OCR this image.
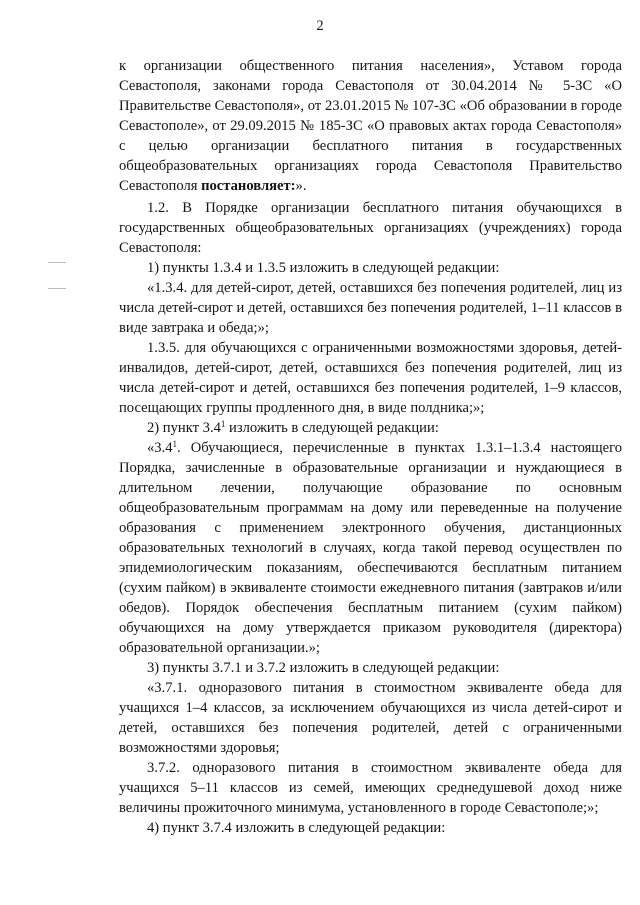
2

к организации общественного питания населения», Уставом города Севастополя, законами города Севастополя от 30.04.2014 № 5-ЗС «О Правительстве Севастополя», от 23.01.2015 № 107-ЗС «Об образовании в городе Севастополе», от 29.09.2015 № 185-ЗС «О правовых актах города Севастополя» с целью организации бесплатного питания в государственных общеобразовательных организациях города Севастополя Правительство Севастополя постановляет:».

1.2. В Порядке организации бесплатного питания обучающихся в государственных общеобразовательных организациях (учреждениях) города Севастополя:

1) пункты 1.3.4 и 1.3.5 изложить в следующей редакции:

«1.3.4. для детей-сирот, детей, оставшихся без попечения родителей, лиц из числа детей-сирот и детей, оставшихся без попечения родителей, 1–11 классов в виде завтрака и обеда;»;

1.3.5. для обучающихся с ограниченными возможностями здоровья, детей-инвалидов, детей-сирот, детей, оставшихся без попечения родителей, лиц из числа детей-сирот и детей, оставшихся без попечения родителей, 1–9 классов, посещающих группы продленного дня, в виде полдника;»;

2) пункт $3.4^1$ изложить в следующей редакции:

«$3.4^1$. Обучающиеся, перечисленные в пунктах 1.3.1–1.3.4 настоящего Порядка, зачисленные в образовательные организации и нуждающиеся в длительном лечении, получающие образование по основным общеобразовательным программам на дому или переведенные на получение образования с применением электронного обучения, дистанционных образовательных технологий в случаях, когда такой перевод осуществлен по эпидемиологическим показаниям, обеспечиваются бесплатным питанием (сухим пайком) в эквиваленте стоимости ежедневного питания (завтраков и/или обедов). Порядок обеспечения бесплатным питанием (сухим пайком) обучающихся на дому утверждается приказом руководителя (директора) образовательной организации.»;

3) пункты 3.7.1 и 3.7.2 изложить в следующей редакции:

«3.7.1. одноразового питания в стоимостном эквиваленте обеда для учащихся 1–4 классов, за исключением обучающихся из числа детей-сирот и детей, оставшихся без попечения родителей, детей с ограниченными возможностями здоровья;

3.7.2. одноразового питания в стоимостном эквиваленте обеда для учащихся 5–11 классов из семей, имеющих среднедушевой доход ниже величины прожиточного минимума, установленного в городе Севастополе;»;

4) пункт 3.7.4 изложить в следующей редакции:
